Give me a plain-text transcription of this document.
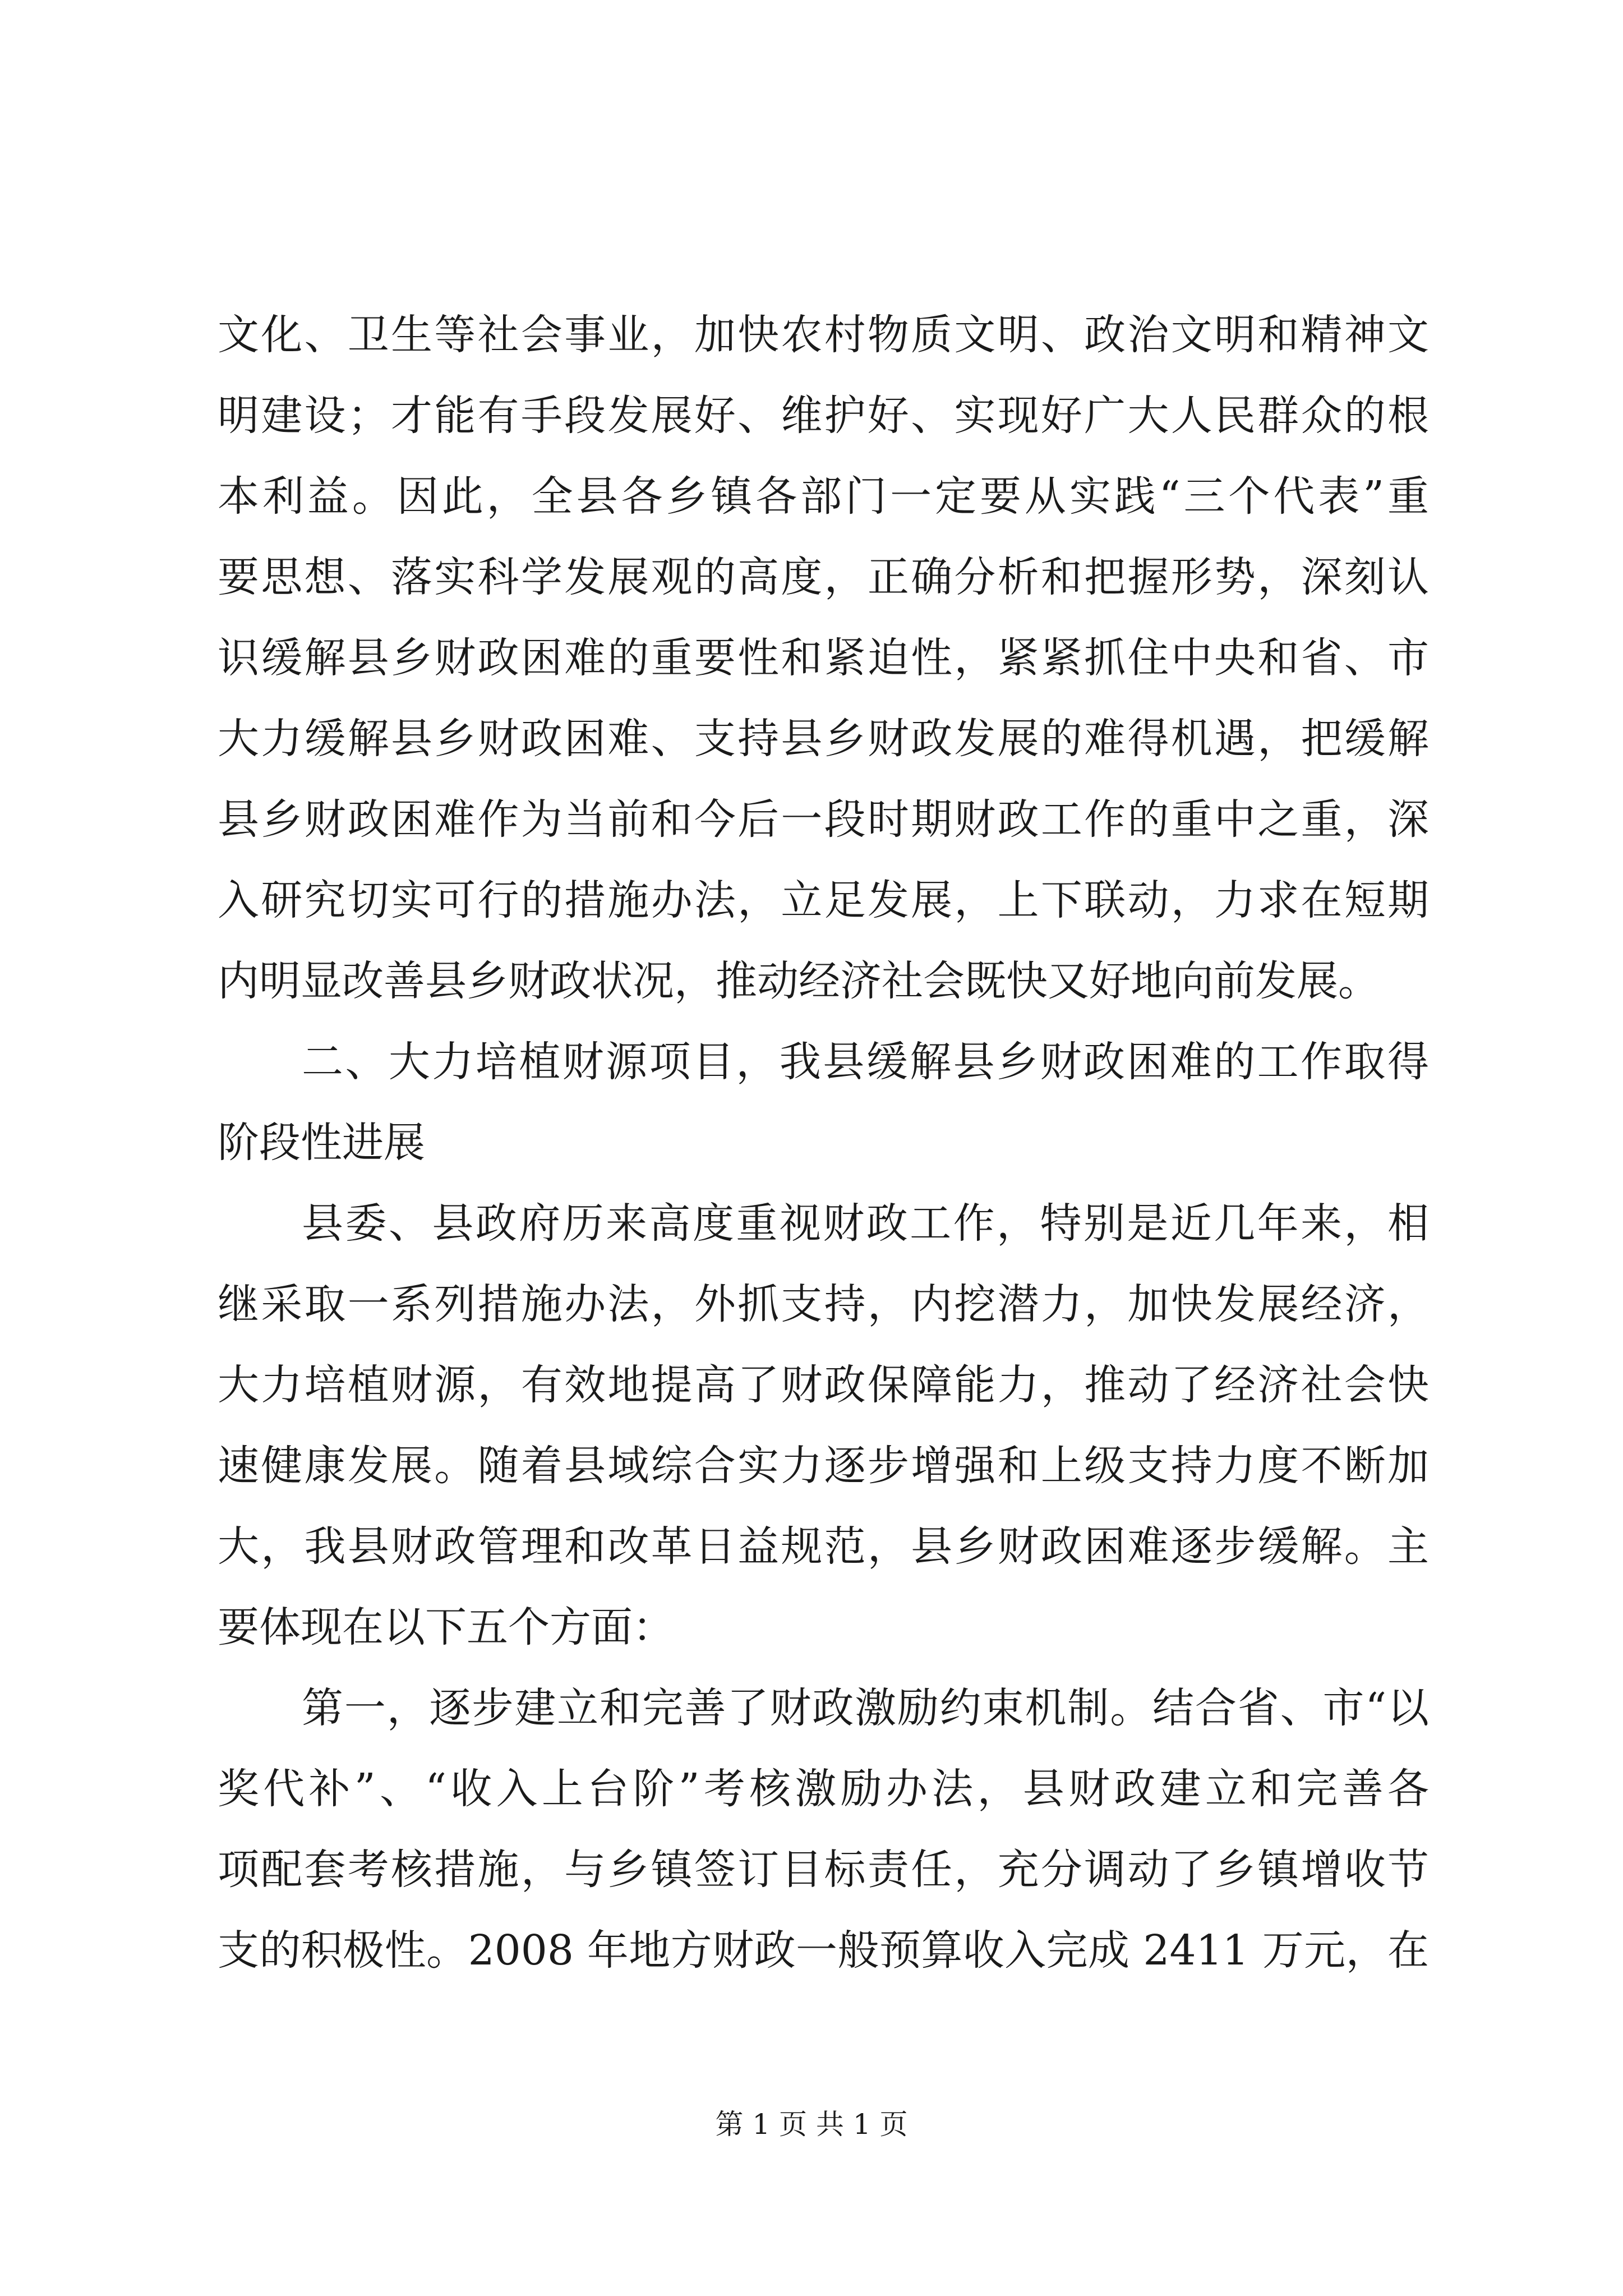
文化、卫生等社会事业，加快农村物质文明、政治文明和精神文
明建设；才能有手段发展好、维护好、实现好广大人民群众的根
本利益。因此，全县各乡镇各部门一定要从实践“三个代表”重
要思想、落实科学发展观的高度，正确分析和把握形势，深刻认
识缓解县乡财政困难的重要性和紧迫性，紧紧抓住中央和省、市
大力缓解县乡财政困难、支持县乡财政发展的难得机遇，把缓解
县乡财政困难作为当前和今后一段时期财政工作的重中之重，深
入研究切实可行的措施办法，立足发展，上下联动，力求在短期
内明显改善县乡财政状况，推动经济社会既快又好地向前发展。
二、大力培植财源项目，我县缓解县乡财政困难的工作取得
阶段性进展
县委、县政府历来高度重视财政工作，特别是近几年来，相
继采取一系列措施办法，外抓支持，内挖潜力，加快发展经济，
大力培植财源，有效地提高了财政保障能力，推动了经济社会快
速健康发展。随着县域综合实力逐步增强和上级支持力度不断加
大，我县财政管理和改革日益规范，县乡财政困难逐步缓解。主
要体现在以下五个方面：
第一，逐步建立和完善了财政激励约束机制。结合省、市“以
奖代补”、“收入上台阶”考核激励办法，县财政建立和完善各
项配套考核措施，与乡镇签订目标责任，充分调动了乡镇增收节
支的积极性。2008 年地方财政一般预算收入完成 2411 万元，在
第 1 页 共 1 页
